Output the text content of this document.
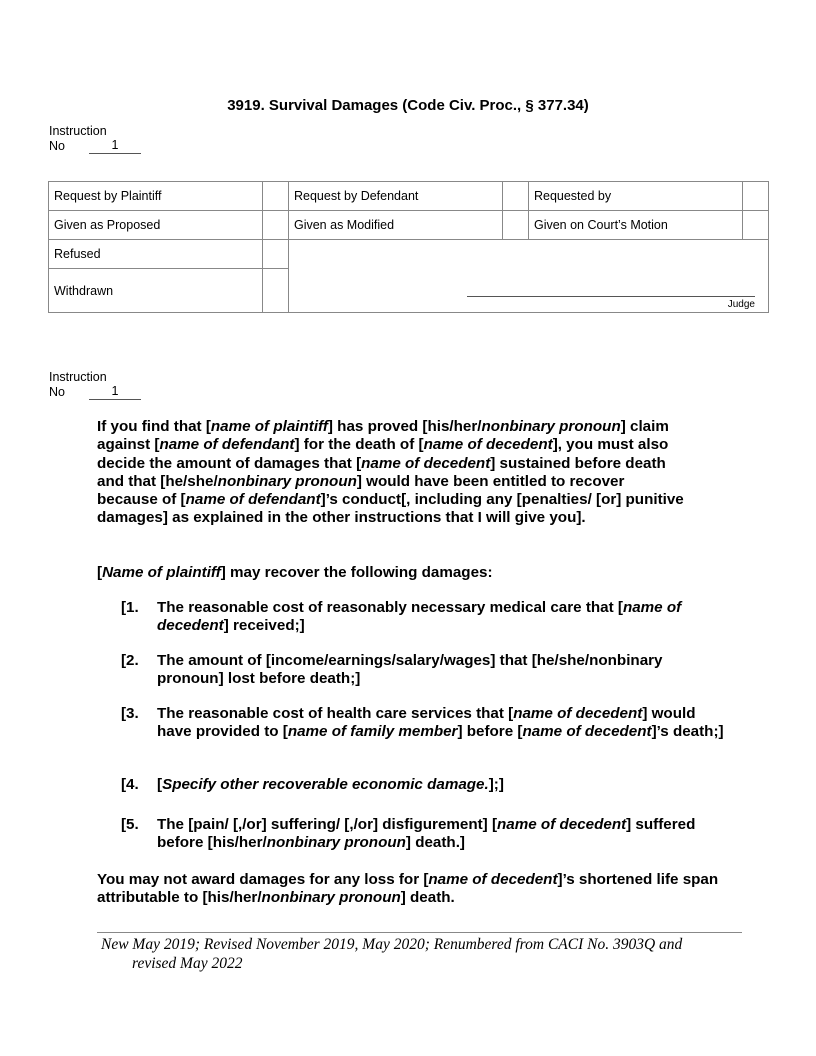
3919. Survival Damages (Code Civ. Proc., § 377.34)
Instruction
No	1
Request by Plaintiff		Request by Defendant		Requested by	
Given as Proposed		Given as Modified		Given on Court’s Motion	
Refused		Judge			

Withdrawn					
Instruction
No	1

If you find that [name of plaintiff] has proved [his/her/nonbinary pronoun] claim against [name of defendant] for the death of [name of decedent], you must also decide the amount of damages that [name of decedent] sustained before death and that [he/she/nonbinary pronoun] would have been entitled to recover because of [name of defendant]’s conduct[, including any [penalties/ [or] punitive damages] as explained in the other instructions that I will give you].

[Name of plaintiff] may recover the following damages:

[1.	The reasonable cost of reasonably necessary medical care that [name of decedent] received;]
[2.	The amount of [income/earnings/salary/wages] that [he/she/nonbinary pronoun] lost before death;]
[3.	The reasonable cost of health care services that [name of decedent] would have provided to [name of family member] before [name of decedent]’s death;]
[4.	[Specify other recoverable economic damage.];]
[5.	The [pain/ [,/or] suffering/ [,/or] disfigurement] [name of decedent] suffered before [his/her/nonbinary pronoun] death.]

You may not award damages for any loss for [name of decedent]’s shortened life span attributable to [his/her/nonbinary pronoun] death.

New May 2019; Revised November 2019, May 2020; Renumbered from CACI No. 3903Q and
revised May 2022
